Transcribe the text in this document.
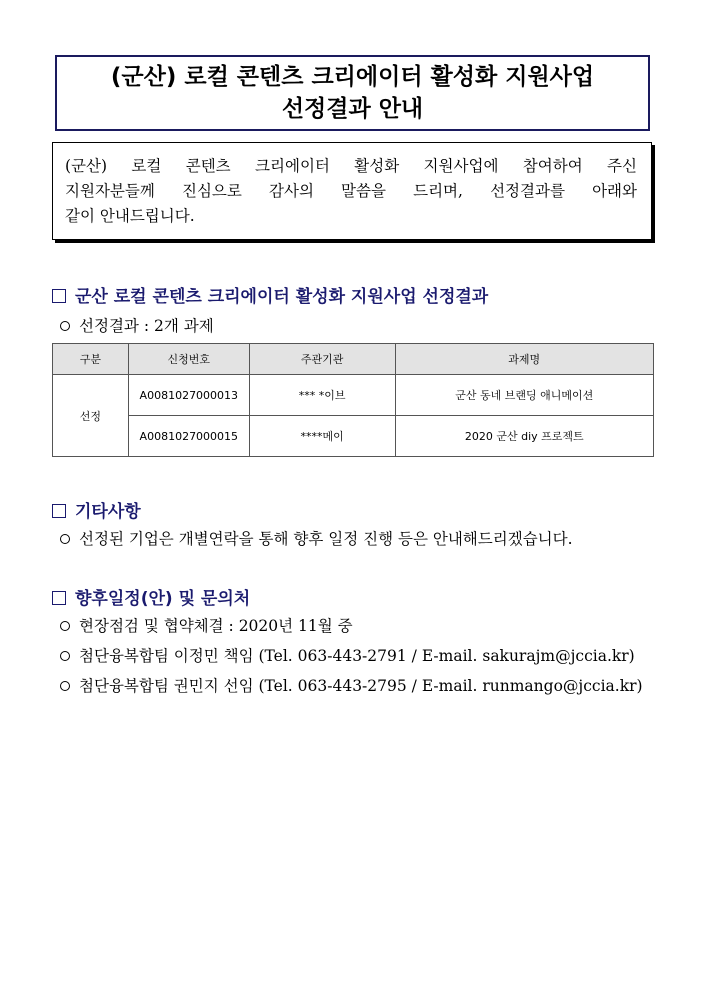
(군산) 로컬 콘텐츠 크리에이터 활성화 지원사업
선정결과 안내
(군산) 로컬 콘텐츠 크리에이터 활성화 지원사업에 참여하여 주신
지원자분들께 진심으로 감사의 말씀을 드리며, 선정결과를 아래와
같이 안내드립니다.
군산 로컬 콘텐츠 크리에이터 활성화 지원사업 선정결과
선정결과 : 2개 과제
구분	신청번호	주관기관	과제명
선정	A0081027000013	*** *이브	군산 동네 브랜딩 애니메이션
	A0081027000015	****메이	2020 군산 diy 프로젝트
기타사항
선정된 기업은 개별연락을 통해 향후 일정 진행 등은 안내해드리겠습니다.
향후일정(안) 및 문의처
현장점검 및 협약체결 : 2020년 11월 중
첨단융복합팀 이정민 책임 (Tel. 063-443-2791 / E-mail. sakurajm@jccia.kr)
첨단융복합팀 권민지 선임 (Tel. 063-443-2795 / E-mail. runmango@jccia.kr)
